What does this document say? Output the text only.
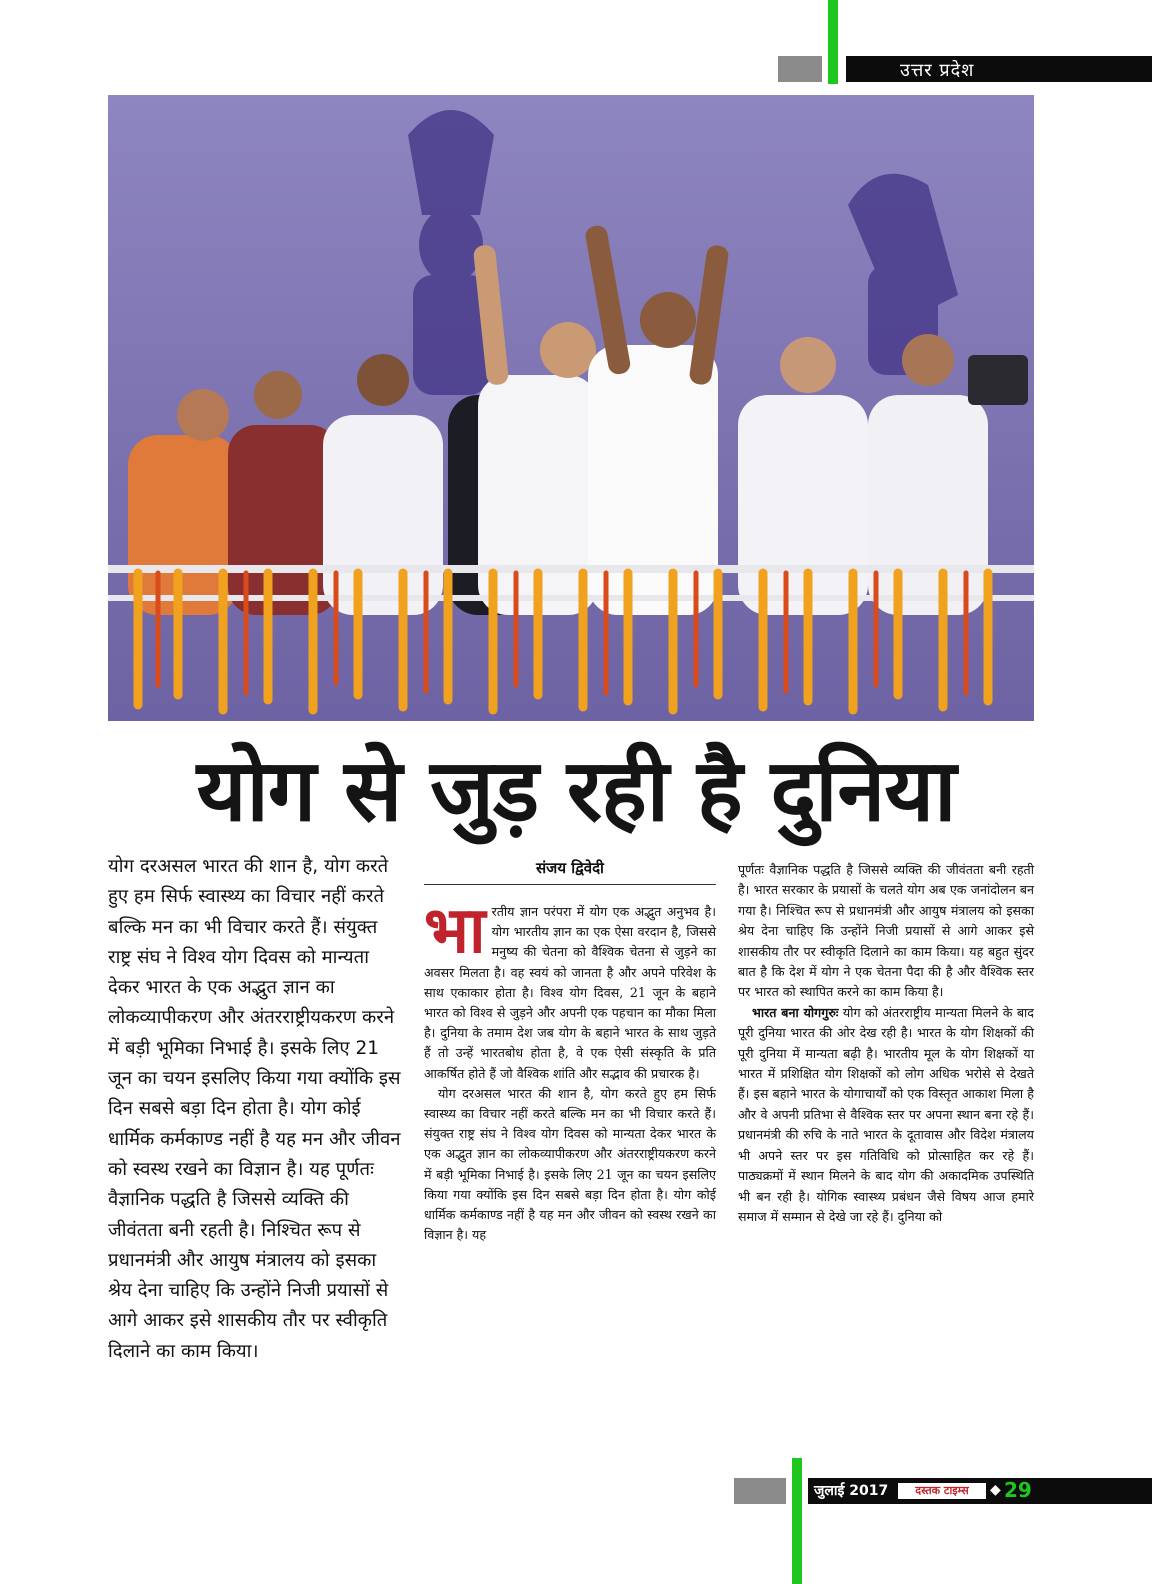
उत्तर प्रदेश
योग से जुड़ रही है दुनिया

योग दरअसल भारत की शान है, योग करते हुए हम सिर्फ स्वास्थ्य का विचार नहीं करते बल्कि मन का भी विचार करते हैं। संयुक्त राष्ट्र संघ ने विश्व योग दिवस को मान्यता देकर भारत के एक अद्भुत ज्ञान का लोकव्यापीकरण और अंतरराष्ट्रीयकरण करने में बड़ी भूमिका निभाई है। इसके लिए 21 जून का चयन इसलिए किया गया क्योंकि इस दिन सबसे बड़ा दिन होता है। योग कोई धार्मिक कर्मकाण्ड नहीं है यह मन और जीवन को स्वस्थ रखने का विज्ञान है। यह पूर्णतः वैज्ञानिक पद्धति है जिससे व्यक्ति की जीवंतता बनी रहती है। निश्चित रूप से प्रधानमंत्री और आयुष मंत्रालय को इसका श्रेय देना चाहिए कि उन्होंने निजी प्रयासों से आगे आकर इसे शासकीय तौर पर स्वीकृति दिलाने का काम किया।

संजय द्विवेदी

भारतीय ज्ञान परंपरा में योग एक अद्भुत अनुभव है। योग भारतीय ज्ञान का एक ऐसा वरदान है, जिससे मनुष्य की चेतना को वैश्विक चेतना से जुड़ने का अवसर मिलता है। वह स्वयं को जानता है और अपने परिवेश के साथ एकाकार होता है। विश्व योग दिवस, 21 जून के बहाने भारत को विश्व से जुड़ने और अपनी एक पहचान का मौका मिला है। दुनिया के तमाम देश जब योग के बहाने भारत के साथ जुड़ते हैं तो उन्हें भारतबोध होता है, वे एक ऐसी संस्कृति के प्रति आकर्षित होते हैं जो वैश्विक शांति और सद्भाव की प्रचारक है।

योग दरअसल भारत की शान है, योग करते हुए हम सिर्फ स्वास्थ्य का विचार नहीं करते बल्कि मन का भी विचार करते हैं। संयुक्त राष्ट्र संघ ने विश्व योग दिवस को मान्यता देकर भारत के एक अद्भुत ज्ञान का लोकव्यापीकरण और अंतरराष्ट्रीयकरण करने में बड़ी भूमिका निभाई है। इसके लिए 21 जून का चयन इसलिए किया गया क्योंकि इस दिन सबसे बड़ा दिन होता है। योग कोई धार्मिक कर्मकाण्ड नहीं है यह मन और जीवन को स्वस्थ रखने का विज्ञान है। यह

पूर्णतः वैज्ञानिक पद्धति है जिससे व्यक्ति की जीवंतता बनी रहती है। भारत सरकार के प्रयासों के चलते योग अब एक जनांदोलन बन गया है। निश्चित रूप से प्रधानमंत्री और आयुष मंत्रालय को इसका श्रेय देना चाहिए कि उन्होंने निजी प्रयासों से आगे आकर इसे शासकीय तौर पर स्वीकृति दिलाने का काम किया। यह बहुत सुंदर बात है कि देश में योग ने एक चेतना पैदा की है और वैश्विक स्तर पर भारत को स्थापित करने का काम किया है।

भारत बना योगगुरुः योग को अंतरराष्ट्रीय मान्यता मिलने के बाद पूरी दुनिया भारत की ओर देख रही है। भारत के योग शिक्षकों की पूरी दुनिया में मान्यता बढ़ी है। भारतीय मूल के योग शिक्षकों या भारत में प्रशिक्षित योग शिक्षकों को लोग अधिक भरोसे से देखते हैं। इस बहाने भारत के योगाचार्यों को एक विस्तृत आकाश मिला है और वे अपनी प्रतिभा से वैश्विक स्तर पर अपना स्थान बना रहे हैं। प्रधानमंत्री की रुचि के नाते भारत के दूतावास और विदेश मंत्रालय भी अपने स्तर पर इस गतिविधि को प्रोत्साहित कर रहे हैं। पाठ्यक्रमों में स्थान मिलने के बाद योग की अकादमिक उपस्थिति भी बन रही है। योगिक स्वास्थ्य प्रबंधन जैसे विषय आज हमारे समाज में सम्मान से देखे जा रहे हैं। दुनिया को

जुलाई 2017	दस्तक टाइम्स	◆ 29
